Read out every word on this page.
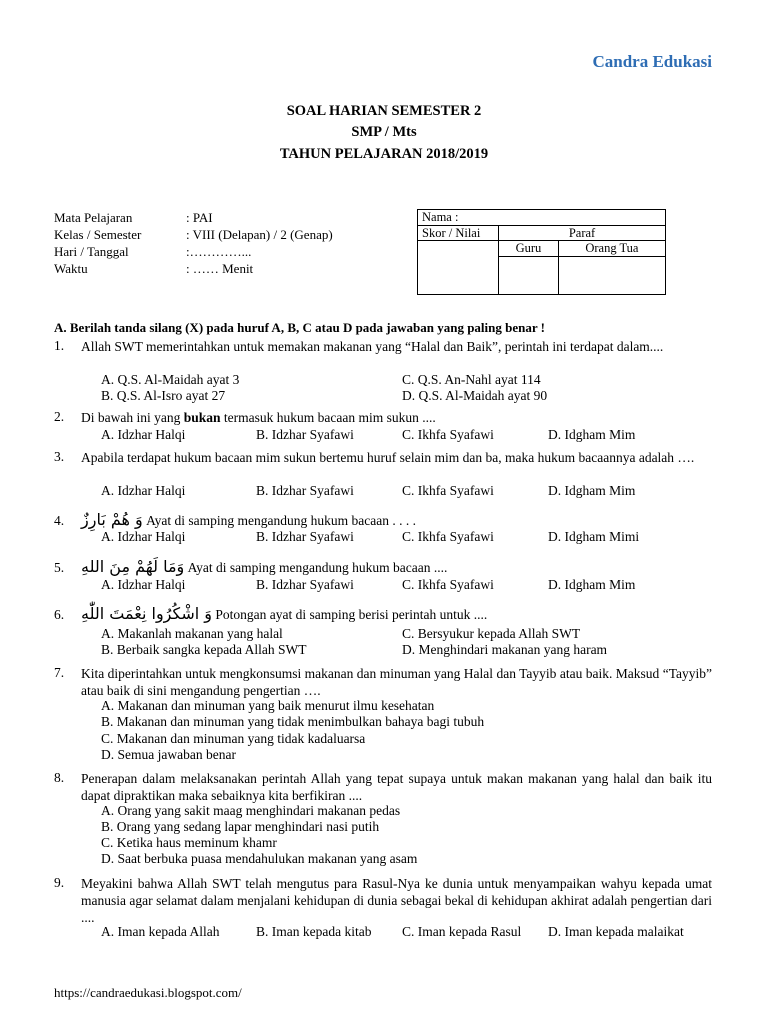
Candra Edukasi
SOAL HARIAN SEMESTER 2
SMP / Mts
TAHUN PELAJARAN 2018/2019
Mata Pelajaran	: PAI
Kelas / Semester	: VIII (Delapan) / 2 (Genap)
Hari / Tanggal	:…………...
Waktu	: …… Menit
Nama :		
Skor / Nilai	Paraf	
	Guru	Orang Tua

A. Berilah tanda silang (X) pada huruf A, B, C atau D pada jawaban yang paling benar !
1. Allah SWT memerintahkan untuk memakan makanan yang “Halal dan Baik”, perintah ini terdapat dalam....
A. Q.S. Al-Maidah ayat 3
B. Q.S. Al-Isro ayat 27
C. Q.S. An-Nahl ayat 114
D. Q.S. Al-Maidah ayat 90
2. Di bawah ini yang bukan termasuk hukum bacaan mim sukun ....
A. Idzhar Halqi	B. Idzhar Syafawi	C. Ikhfa Syafawi	D. Idgham Mim
3. Apabila terdapat hukum bacaan mim sukun bertemu huruf selain mim dan ba, maka hukum bacaannya adalah ….
A. Idzhar Halqi	B. Idzhar Syafawi	C. Ikhfa Syafawi	D. Idgham Mim
4. وَ هُمْ بَارِزٌ Ayat di samping mengandung hukum bacaan . . . .
A. Idzhar Halqi	B. Idzhar Syafawi	C. Ikhfa Syafawi	D. Idgham Mimi
5. وَمَا لَهُمْ مِنَ اللهِ Ayat di samping mengandung hukum bacaan ....
A. Idzhar Halqi	B. Idzhar Syafawi	C. Ikhfa Syafawi	D. Idgham Mim
6. وَ اشْكُرُوا نِعْمَتَ اللّٰهِ Potongan ayat di samping berisi perintah untuk ....
A. Makanlah makanan yang halal
B. Berbaik sangka kepada Allah SWT
C. Bersyukur kepada Allah SWT
D. Menghindari makanan yang haram
7. Kita diperintahkan untuk mengkonsumsi makanan dan minuman yang Halal dan Tayyib atau baik. Maksud “Tayyib” atau baik di sini mengandung pengertian ….
A. Makanan dan minuman yang baik menurut ilmu kesehatan
B. Makanan dan minuman yang tidak menimbulkan bahaya bagi tubuh
C. Makanan dan minuman yang tidak kadaluarsa
D. Semua jawaban benar
8. Penerapan dalam melaksanakan perintah Allah yang tepat supaya untuk makan makanan yang halal dan baik itu dapat dipraktikan maka sebaiknya kita berfikiran ....
A. Orang yang sakit maag menghindari makanan pedas
B. Orang yang sedang lapar menghindari nasi putih
C. Ketika haus meminum khamr
D. Saat berbuka puasa mendahulukan makanan yang asam
9. Meyakini bahwa Allah SWT telah mengutus para Rasul-Nya ke dunia untuk menyampaikan wahyu kepada umat manusia agar selamat dalam menjalani kehidupan di dunia sebagai bekal di kehidupan akhirat adalah pengertian dari ....
A. Iman kepada Allah	B. Iman kepada kitab C. Iman kepada Rasul D. Iman kepada malaikat
https://candraedukasi.blogspot.com/
